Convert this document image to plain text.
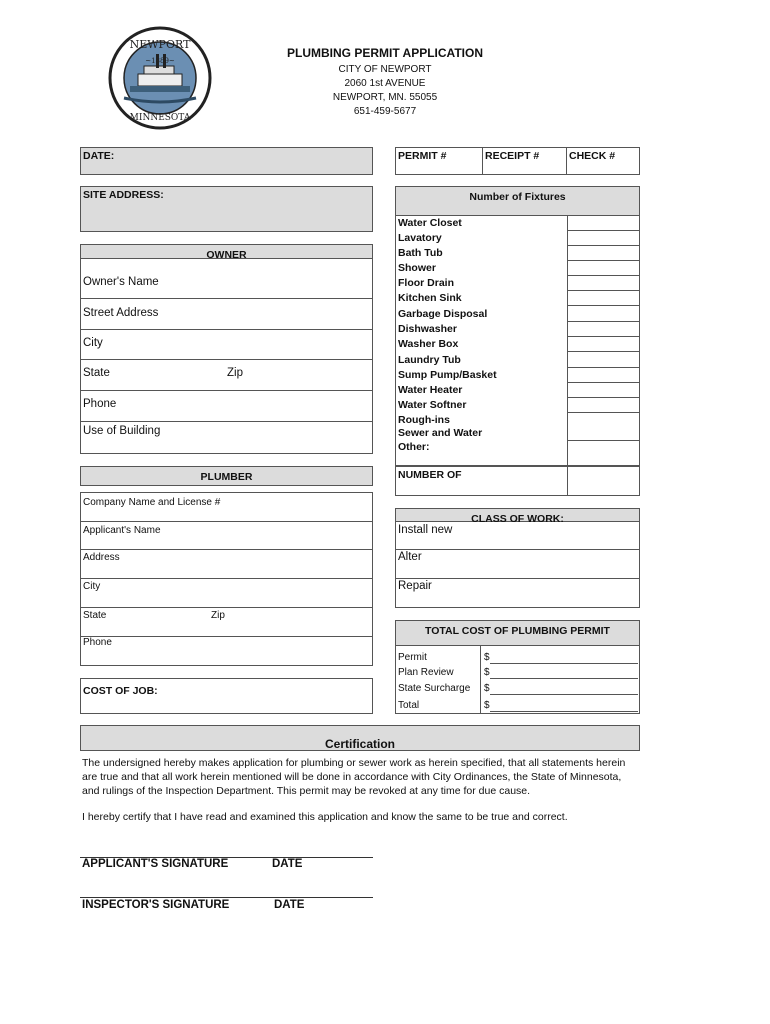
NEWPORT
~1889~
MINNESOTA
PLUMBING PERMIT APPLICATION
CITY OF NEWPORT
2060 1st AVENUE
NEWPORT, MN. 55055
651-459-5677
DATE:	PERMIT #	RECEIPT #	CHECK #
SITE ADDRESS:
OWNER
Owner's Name
Street Address
City
State	Zip
Phone
Use of Building
PLUMBER
Company Name and License #
Applicant's Name
Address
City
State	Zip
Phone
COST OF JOB:
Number of Fixtures
Water Closet
Lavatory
Bath Tub
Shower
Floor Drain
Kitchen Sink
Garbage Disposal
Dishwasher
Washer Box
Laundry Tub
Sump Pump/Basket
Water Heater
Water Softner
Rough-ins
Sewer and Water
Other:
NUMBER OF
CLASS OF WORK:
Install new
Alter
Repair
TOTAL COST OF PLUMBING PERMIT
Permit	$
Plan Review	$
State Surcharge $
Total	$
Certification
The undersigned hereby makes application for plumbing or sewer work as herein specified, that all statements herein
are true and that all work herein mentioned will be done in accordance with City Ordinances, the State of Minnesota,
and rulings of the Inspection Department. This permit may be revoked at any time for due cause.
I hereby certify that I have read and examined this application and know the same to be true and correct.
APPLICANT'S SIGNATURE	DATE
INSPECTOR'S SIGNATURE	DATE
